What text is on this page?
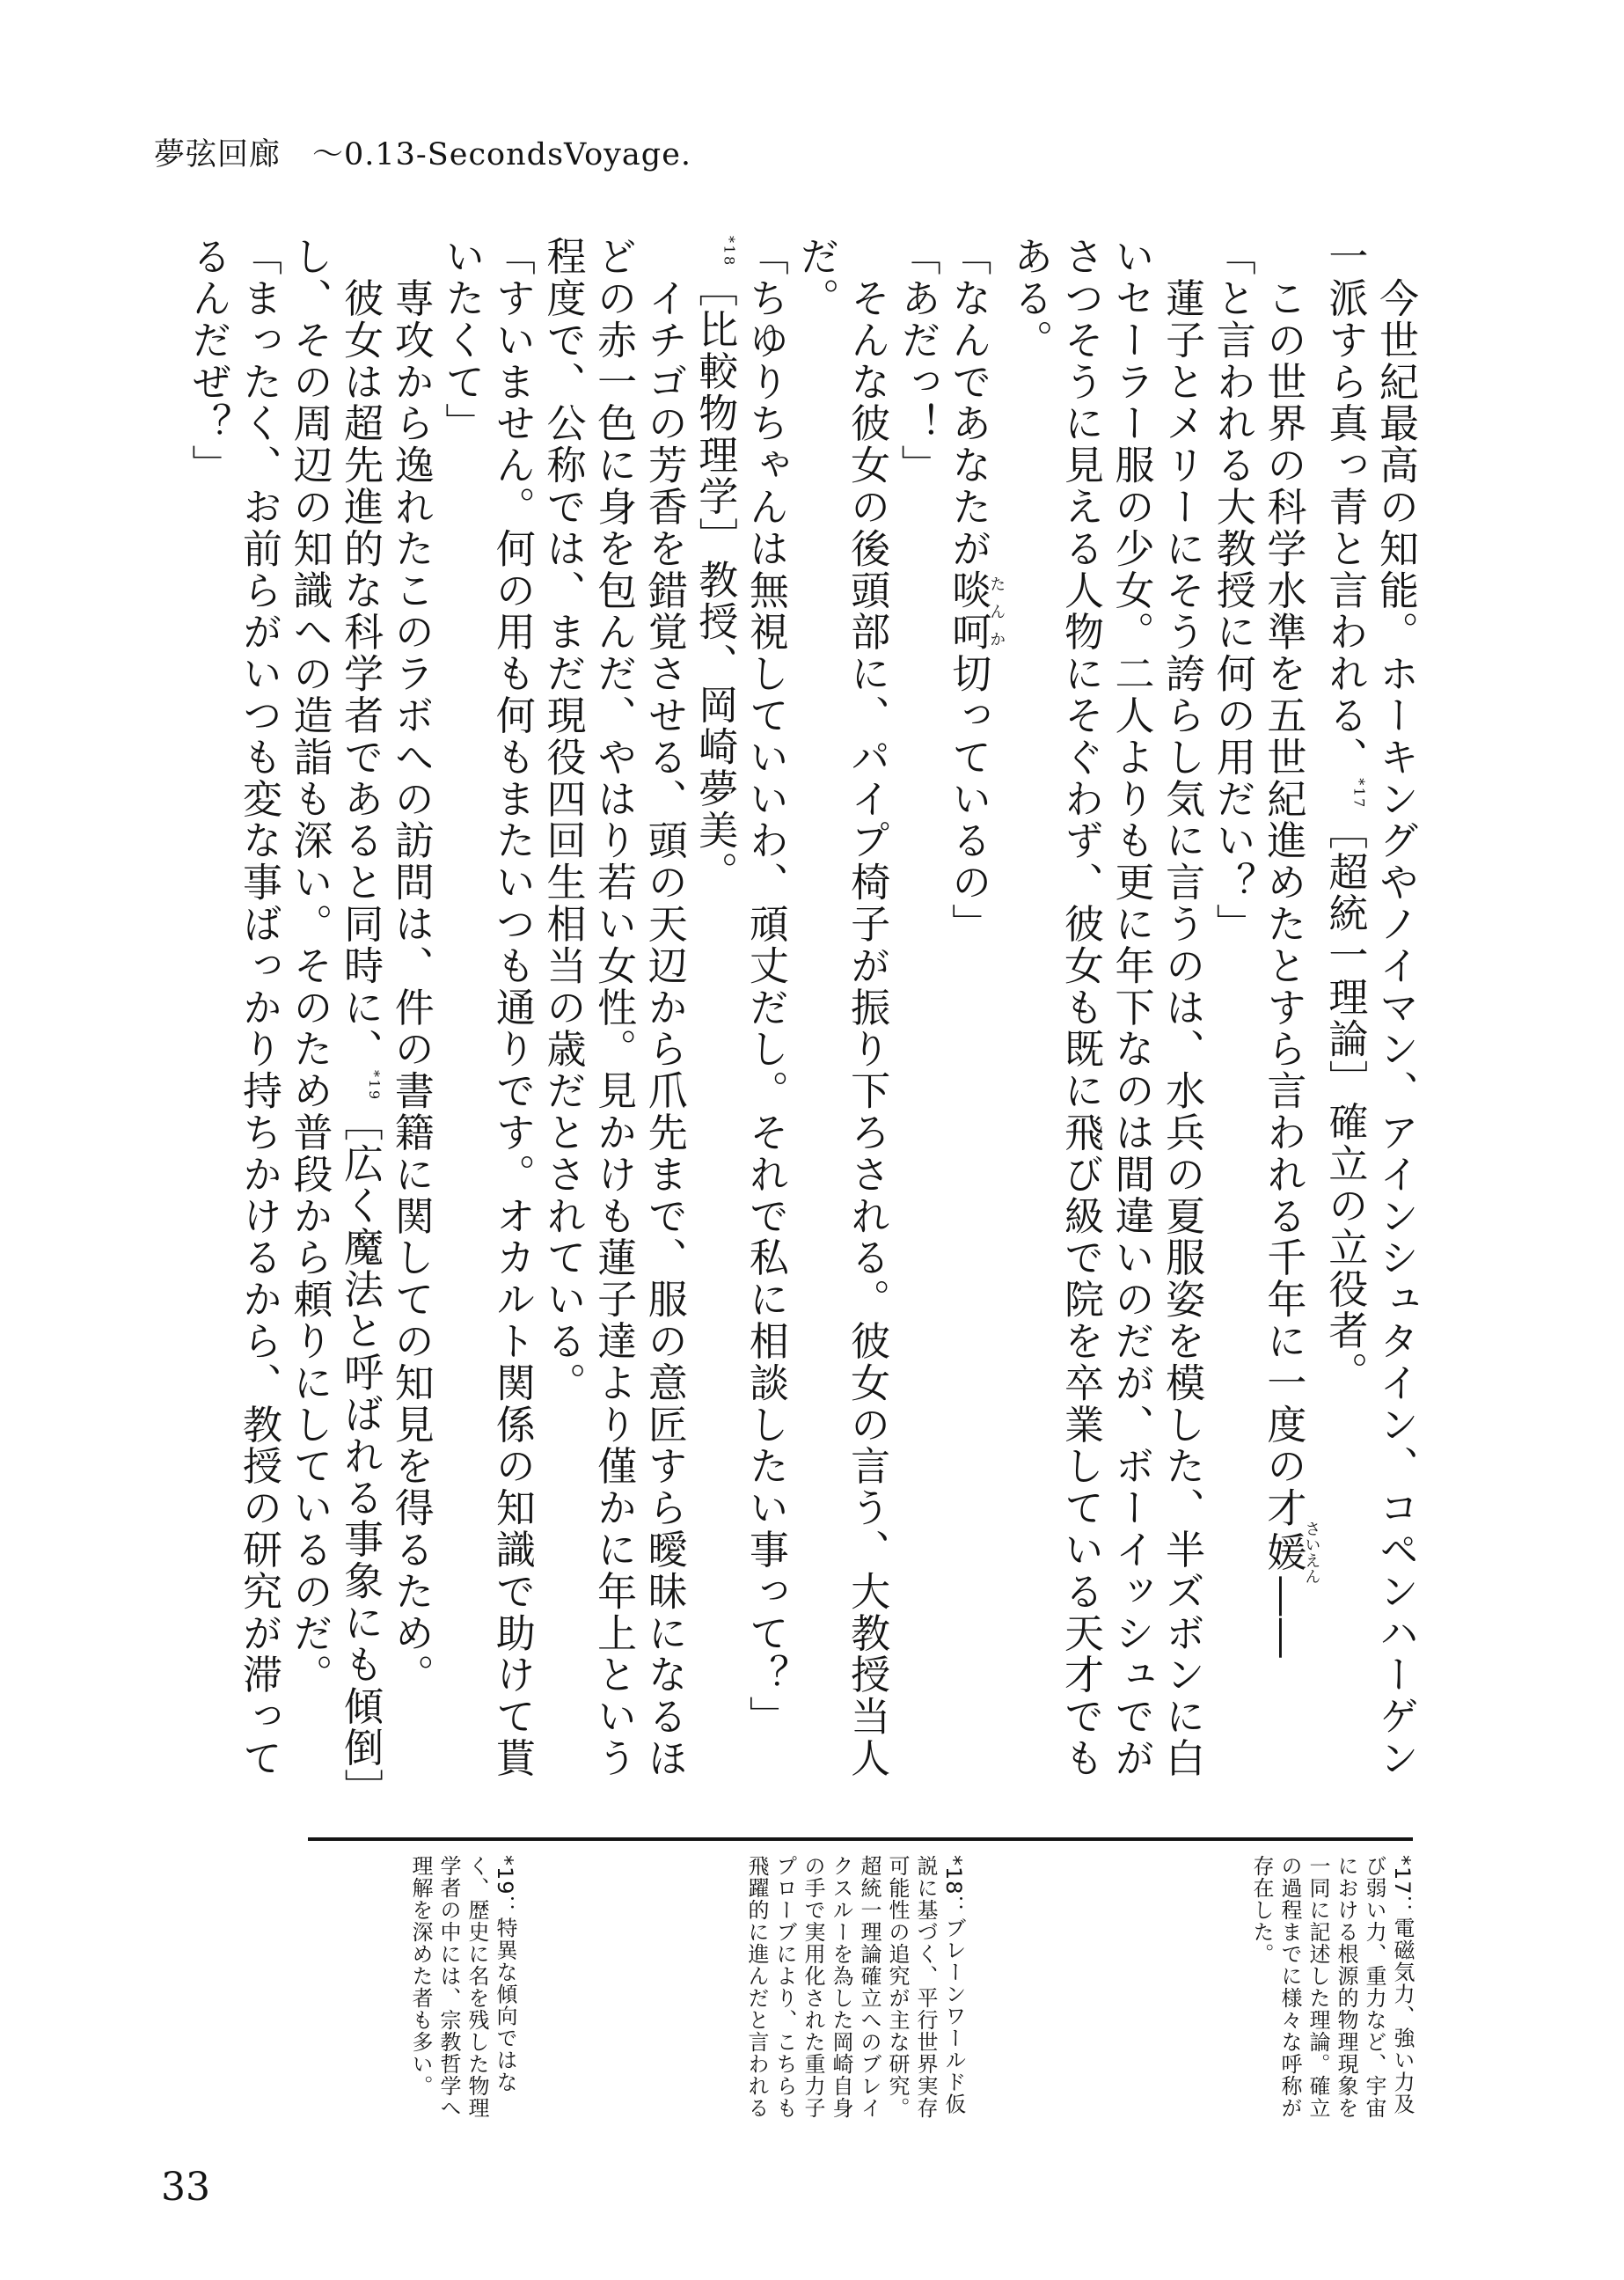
夢弦回廊　～0.13-SecondsVoyage.

　今世紀最高の知能。ホーキングやノイマン、アインシュタイン、コペンハーゲン一派すら真っ青と言われる、$^{*17}$［超統一理論］確立の立役者。

　この世界の科学水準を五世紀進めたとすら言われる千年に一度の才媛さいえん――

「と言われる大教授に何の用だい？」

　蓮子とメリーにそう誇らし気に言うのは、水兵の夏服姿を模した、半ズボンに白いセーラー服の少女。二人よりも更に年下なのは間違いのだが、ボーイッシュでがさつそうに見える人物にそぐわず、彼女も既に飛び級で院を卒業している天才でもある。

「なんであなたが啖呵たんか切っているの」

「あだっ！」

　そんな彼女の後頭部に、パイプ椅子が振り下ろされる。彼女の言う、大教授当人だ。

「ちゆりちゃんは無視していいわ、頑丈だし。それで私に相談したい事って？」

$^{*18}$［比較物理学］教授、岡崎夢美。

　イチゴの芳香を錯覚させる、頭の天辺から爪先まで、服の意匠すら曖昧になるほどの赤一色に身を包んだ、やはり若い女性。見かけも蓮子達より僅かに年上という程度で、公称では、まだ現役四回生相当の歳だとされている。

「すいません。何の用も何もまたいつも通りです。オカルト関係の知識で助けて貰いたくて」

　専攻から逸れたこのラボへの訪問は、件の書籍に関しての知見を得るため。

　彼女は超先進的な科学者であると同時に、$^{*19}$［広く魔法と呼ばれる事象にも傾倒］し、その周辺の知識への造詣も深い。そのため普段から頼りにしているのだ。

「まったく、お前らがいつも変な事ばっかり持ちかけるから、教授の研究が滞ってるんだぜ？」

*17：電磁気力、強い力及び弱い力、重力など、宇宙における根源的物理現象を一同に記述した理論。確立の過程までに様々な呼称が存在した。
*18：ブレーンワールド仮説に基づく、平行世界実存可能性の追究が主な研究。超統一理論確立へのブレイクスルーを為した岡崎自身の手で実用化された重力子プローブにより、こちらも飛躍的に進んだと言われる
*19：特異な傾向ではなく、歴史に名を残した物理学者の中には、宗教哲学へ理解を深めた者も多い。
33
